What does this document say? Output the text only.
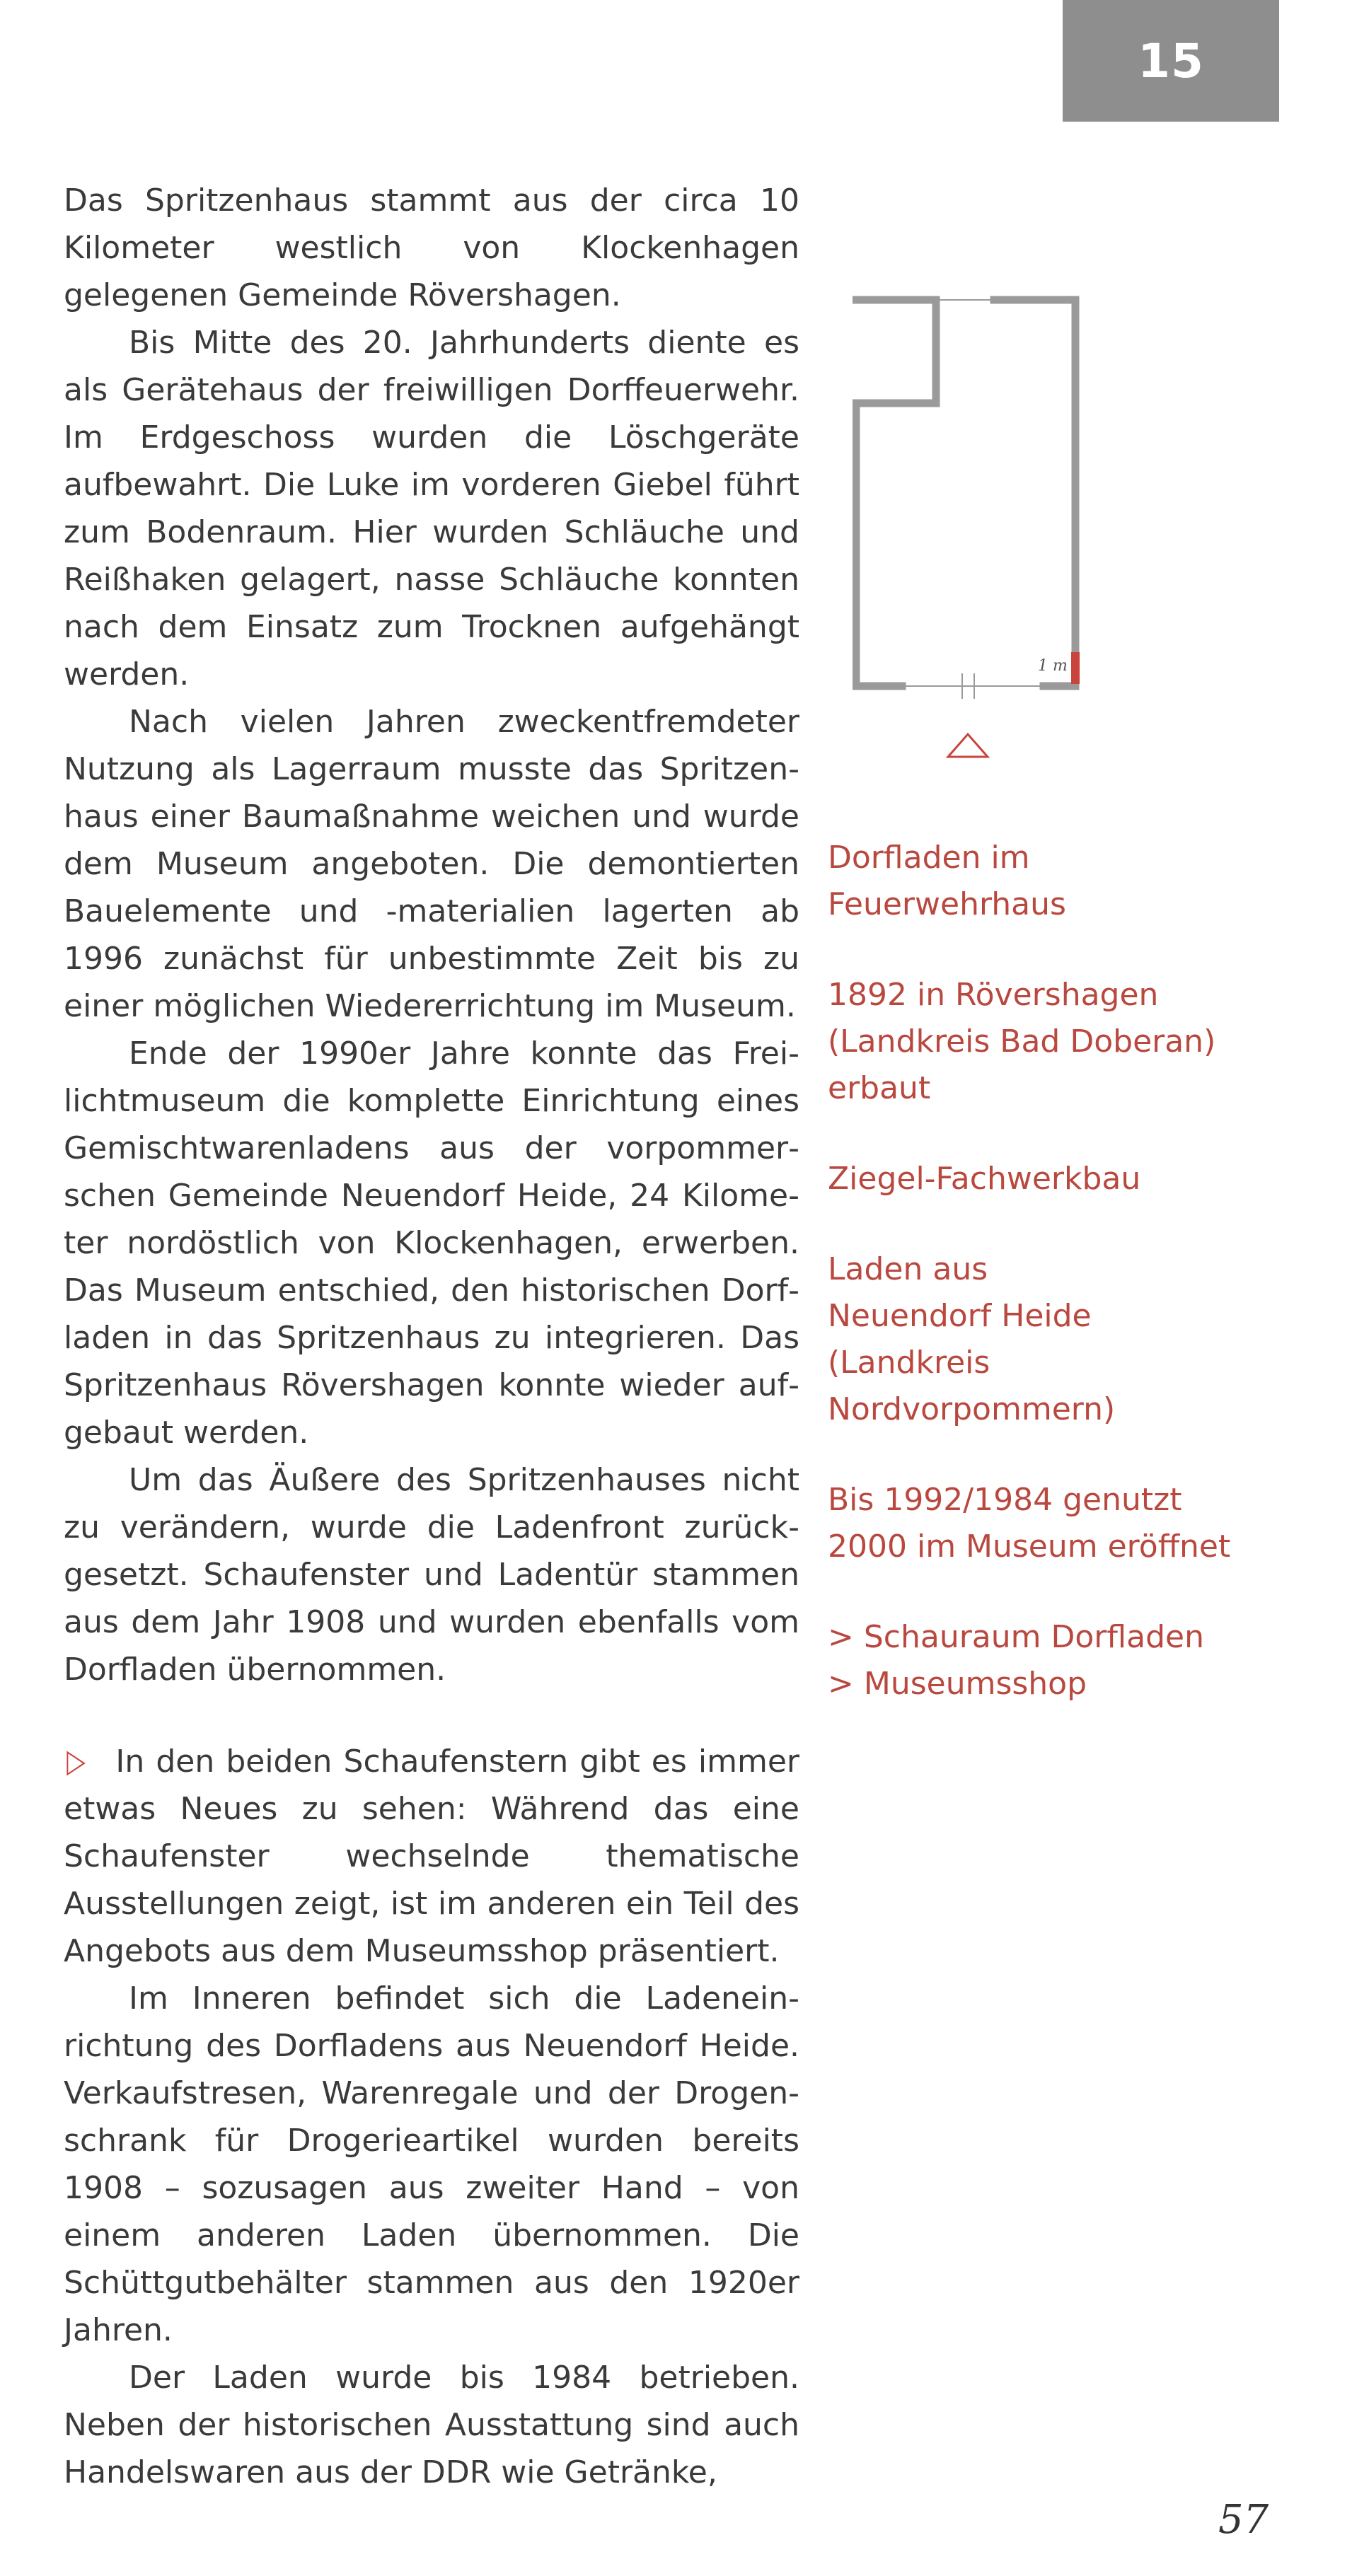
15

Das Spritzenhaus stammt aus der circa 10 Kilometer westlich von Klockenhagen gelegenen Gemeinde Rövershagen.

Bis Mitte des 20. Jahrhunderts diente es als Gerätehaus der freiwilligen Dorffeuerwehr. Im Erdgeschoss wurden die Löschgeräte aufbewahrt. Die Luke im vorderen Giebel führt zum Bodenraum. Hier wurden Schläuche und Reißhaken gelagert, nasse Schläuche konnten nach dem Einsatz zum Trocknen aufgehängt werden.

Nach vielen Jahren zweckentfremdeter Nutzung als Lagerraum musste das Spritzenhaus einer Baumaßnahme weichen und wurde dem Museum angeboten. Die demontierten Bauelemente und -materialien lagerten ab 1996 zunächst für unbestimmte Zeit bis zu einer möglichen Wiedererrichtung im Museum.

Ende der 1990er Jahre konnte das Freilichtmuseum die komplette Einrichtung eines Gemischtwarenladens aus der vorpommerschen Gemeinde Neuendorf Heide, 24 Kilometer nordöstlich von Klockenhagen, erwerben. Das Museum entschied, den historischen Dorfladen in das Spritzenhaus zu integrieren. Das Spritzenhaus Rövershagen konnte wieder aufgebaut werden.

Um das Äußere des Spritzenhauses nicht zu verändern, wurde die Ladenfront zurückgesetzt. Schaufenster und Ladentür stammen aus dem Jahr 1908 und wurden ebenfalls vom Dorfladen übernommen.

▷ In den beiden Schaufenstern gibt es immer etwas Neues zu sehen: Während das eine Schaufenster wechselnde thematische Ausstellungen zeigt, ist im anderen ein Teil des Angebots aus dem Museumsshop präsentiert.

Im Inneren befindet sich die Ladeneinrichtung des Dorfladens aus Neuendorf Heide. Verkaufstresen, Warenregale und der Drogenschrank für Drogerieartikel wurden bereits 1908 – sozusagen aus zweiter Hand – von einem anderen Laden übernommen. Die Schüttgutbehälter stammen aus den 1920er Jahren.

Der Laden wurde bis 1984 betrieben. Neben der historischen Ausstattung sind auch Handelswaren aus der DDR wie Getränke,

1 m
Dorfladen im
Feuerwehrhaus
1892 in Rövershagen
(Landkreis Bad Doberan)
erbaut
Ziegel-Fachwerkbau
Laden aus
Neuendorf Heide
(Landkreis
Nordvorpommern)
Bis 1992/1984 genutzt
2000 im Museum eröffnet
> Schauraum Dorfladen
> Museumsshop
57
